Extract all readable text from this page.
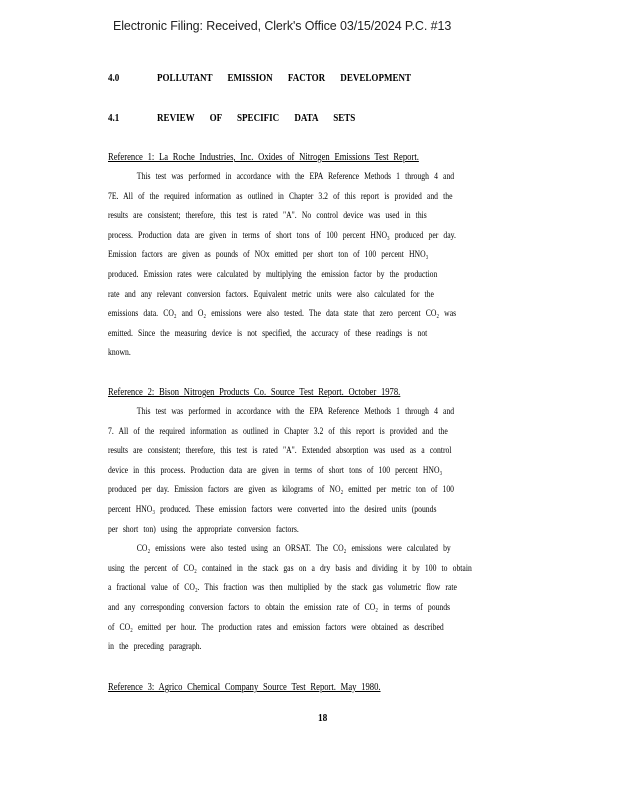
Electronic Filing: Received, Clerk's Office 03/15/2024 P.C. #13
4.0	POLLUTANT EMISSION FACTOR DEVELOPMENT
4.1	REVIEW OF SPECIFIC DATA SETS
Reference 1: La Roche Industries, Inc. Oxides of Nitrogen Emissions Test Report.
This test was performed in accordance with the EPA Reference Methods 1 through 4 and
7E. All of the required information as outlined in Chapter 3.2 of this report is provided and the
results are consistent; therefore, this test is rated "A". No control device was used in this
process. Production data are given in terms of short tons of 100 percent HNO₃ produced per day.
Emission factors are given as pounds of NOx emitted per short ton of 100 percent HNO₃
produced. Emission rates were calculated by multiplying the emission factor by the production
rate and any relevant conversion factors. Equivalent metric units were also calculated for the
emissions data. CO₂ and O₂ emissions were also tested. The data state that zero percent CO₂ was
emitted. Since the measuring device is not specified, the accuracy of these readings is not
known.
Reference 2: Bison Nitrogen Products Co. Source Test Report. October 1978.
This test was performed in accordance with the EPA Reference Methods 1 through 4 and
7. All of the required information as outlined in Chapter 3.2 of this report is provided and the
results are consistent; therefore, this test is rated "A". Extended absorption was used as a control
device in this process. Production data are given in terms of short tons of 100 percent HNO₃
produced per day. Emission factors are given as kilograms of NO₂ emitted per metric ton of 100
percent HNO₃ produced. These emission factors were converted into the desired units (pounds
per short ton) using the appropriate conversion factors.
CO₂ emissions were also tested using an ORSAT. The CO₂ emissions were calculated by
using the percent of CO₂ contained in the stack gas on a dry basis and dividing it by 100 to obtain
a fractional value of CO₂. This fraction was then multiplied by the stack gas volumetric flow rate
and any corresponding conversion factors to obtain the emission rate of CO₂ in terms of pounds
of CO₂ emitted per hour. The production rates and emission factors were obtained as described
in the preceding paragraph.
Reference 3: Agrico Chemical Company Source Test Report. May 1980.
18
